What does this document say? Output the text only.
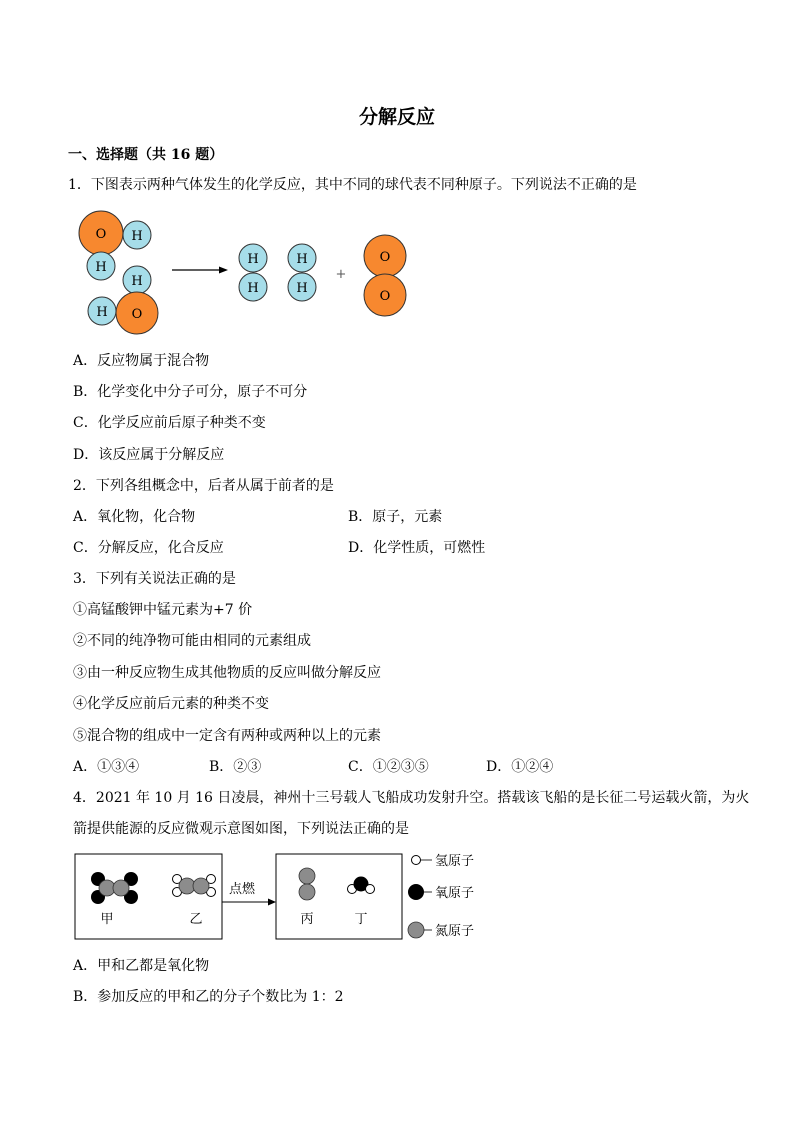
分解反应
一、选择题（共 16 题）
1．下图表示两种气体发生的化学反应，其中不同的球代表不同种原子。下列说法不正确的是
O H
H
H
O
H
H
H
H
H
+
O
O
A．反应物属于混合物
B．化学变化中分子可分，原子不可分
C．化学反应前后原子种类不变
D．该反应属于分解反应
2．下列各组概念中，后者从属于前者的是
A．氧化物，化合物	B．原子，元素
C．分解反应，化合反应	D．化学性质，可燃性
3．下列有关说法正确的是
①高锰酸钾中锰元素为+7 价
②不同的纯净物可能由相同的元素组成
③由一种反应物生成其他物质的反应叫做分解反应
④化学反应前后元素的种类不变
⑤混合物的组成中一定含有两种或两种以上的元素
A．①③④	B．②③	C．①②③⑤	D．①②④
4．2021 年 10 月 16 日凌晨，神州十三号载人飞船成功发射升空。搭载该飞船的是长征二号运载火箭，为火
箭提供能源的反应微观示意图如图，下列说法正确的是
甲	乙
点燃
丙	丁
氢原子
氧原子
氮原子
A．甲和乙都是氧化物
B．参加反应的甲和乙的分子个数比为 1：2
